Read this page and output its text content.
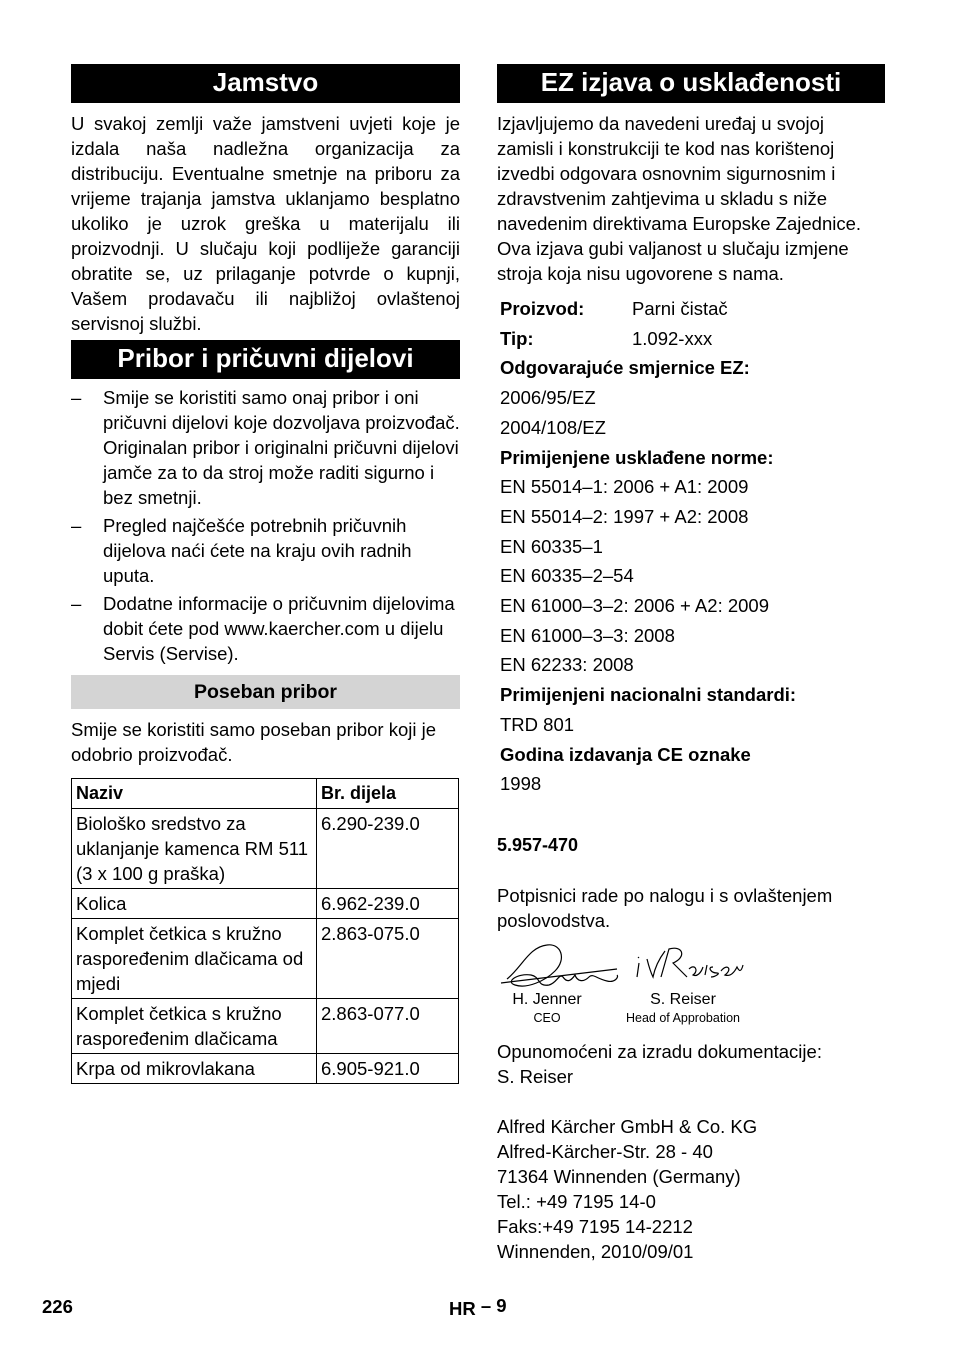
Jamstvo

U svakoj zemlji važe jamstveni uvjeti koje je izdala naša nadležna organizacija za distribuciju. Eventualne smetnje na priboru za vrijeme trajanja jamstva uklanjamo besplatno ukoliko je uzrok greška u materijalu ili proizvodnji. U slučaju koji podliježe garanciji obratite se, uz prilaganje potvrde o kupnji, Vašem prodavaču ili najbližoj ovlaštenoj servisnoj službi.

Pribor i pričuvni dijelovi
– Smije se koristiti samo onaj pribor i oni pričuvni dijelovi koje dozvoljava proizvođač. Originalan pribor i originalni pričuvni dijelovi jamče za to da stroj može raditi sigurno i bez smetnji.
– Pregled najčešće potrebnih pričuvnih dijelova naći ćete na kraju ovih radnih uputa.
– Dodatne informacije o pričuvnim dijelovima dobit ćete pod www.kaercher.com u dijelu Servis (Servise).
Poseban pribor

Smije se koristiti samo poseban pribor koji je odobrio proizvođač.

Naziv	Br. dijela
Biološko sredstvo za uklanjanje kamenca RM 511 (3 x 100 g praška)	6.290-239.0
Kolica	6.962-239.0
Komplet četkica s kružno raspoređenim dlačicama od mjedi	2.863-075.0
Komplet četkica s kružno raspoređenim dlačicama	2.863-077.0
Krpa od mikrovlakana	6.905-921.0
EZ izjava o usklađenosti

Izjavljujemo da navedeni uređaj u svojoj zamisli i konstrukciji te kod nas korištenoj izvedbi odgovara osnovnim sigurnosnim i zdravstvenim zahtjevima u skladu s niže navedenim direktivama Europske Zajednice. Ova izjava gubi valjanost u slučaju izmjene stroja koja nisu ugovorene s nama.

Proizvod:	Parni čistač
Tip:	1.092-xxx
Odgovarajuće smjernice EZ:
2006/95/EZ
2004/108/EZ
Primijenjene usklađene norme:
EN 55014–1: 2006 + A1: 2009
EN 55014–2: 1997 + A2: 2008
EN 60335–1
EN 60335–2–54
EN 61000–3–2: 2006 + A2: 2009
EN 61000–3–3: 2008
EN 62233: 2008
Primijenjeni nacionalni standardi:
TRD 801
Godina izdavanja CE oznake
1998
5.957-470

Potpisnici rade po nalogu i s ovlaštenjem poslovodstva.

H. Jenner
CEO
S. Reiser
Head of Approbation

Opunomoćeni za izradu dokumentacije:

S. Reiser

Alfred Kärcher GmbH & Co. KG

Alfred-Kärcher-Str. 28 - 40

71364 Winnenden (Germany)

Tel.: +49 7195 14-0

Faks:+49 7195 14-2212

Winnenden, 2010/09/01

226	HR – 9
